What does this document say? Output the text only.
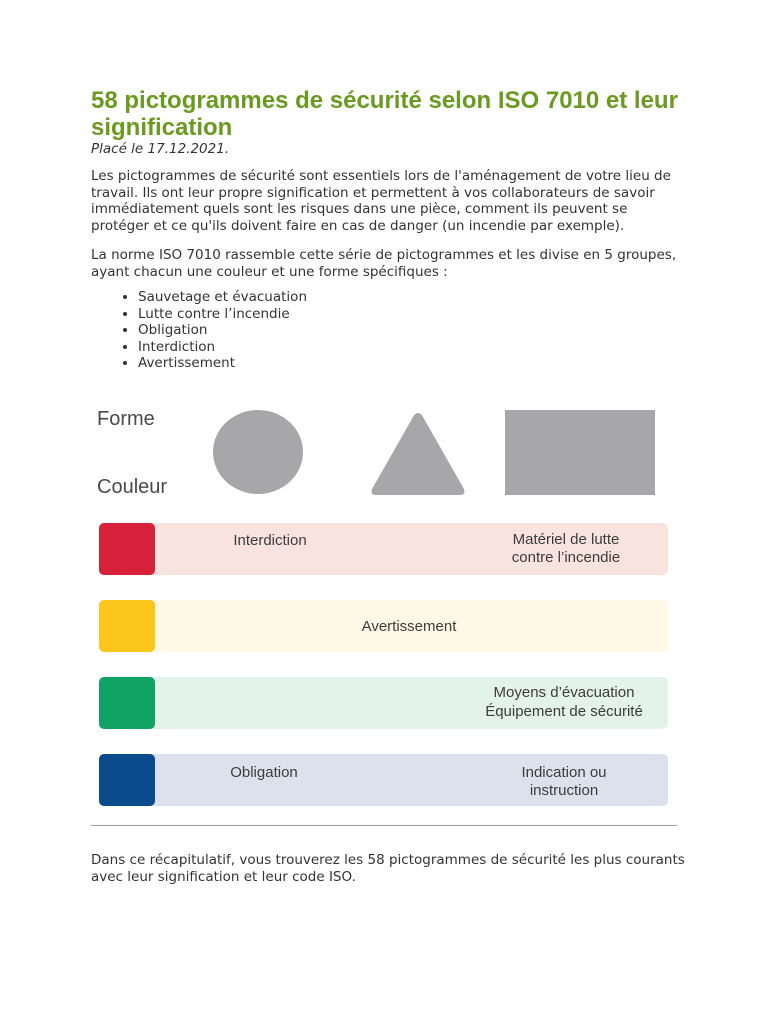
58 pictogrammes de sécurité selon ISO 7010 et leur signification
Placé le 17.12.2021.

Les pictogrammes de sécurité sont essentiels lors de l'aménagement de votre lieu de travail. Ils ont leur propre signification et permettent à vos collaborateurs de savoir immédiatement quels sont les risques dans une pièce, comment ils peuvent se protéger et ce qu'ils doivent faire en cas de danger (un incendie par exemple).

La norme ISO 7010 rassemble cette série de pictogrammes et les divise en 5 groupes, ayant chacun une couleur et une forme spécifiques :

• Sauvetage et évacuation
• Lutte contre l’incendie
• Obligation
• Interdiction
• Avertissement
Forme
Couleur
Interdiction	Matériel de lutte
contre l’incendie
Avertissement
Moyens d’évacuation
Équipement de sécurité
Obligation	Indication ou
instruction

Dans ce récapitulatif, vous trouverez les 58 pictogrammes de sécurité les plus courants avec leur signification et leur code ISO.
